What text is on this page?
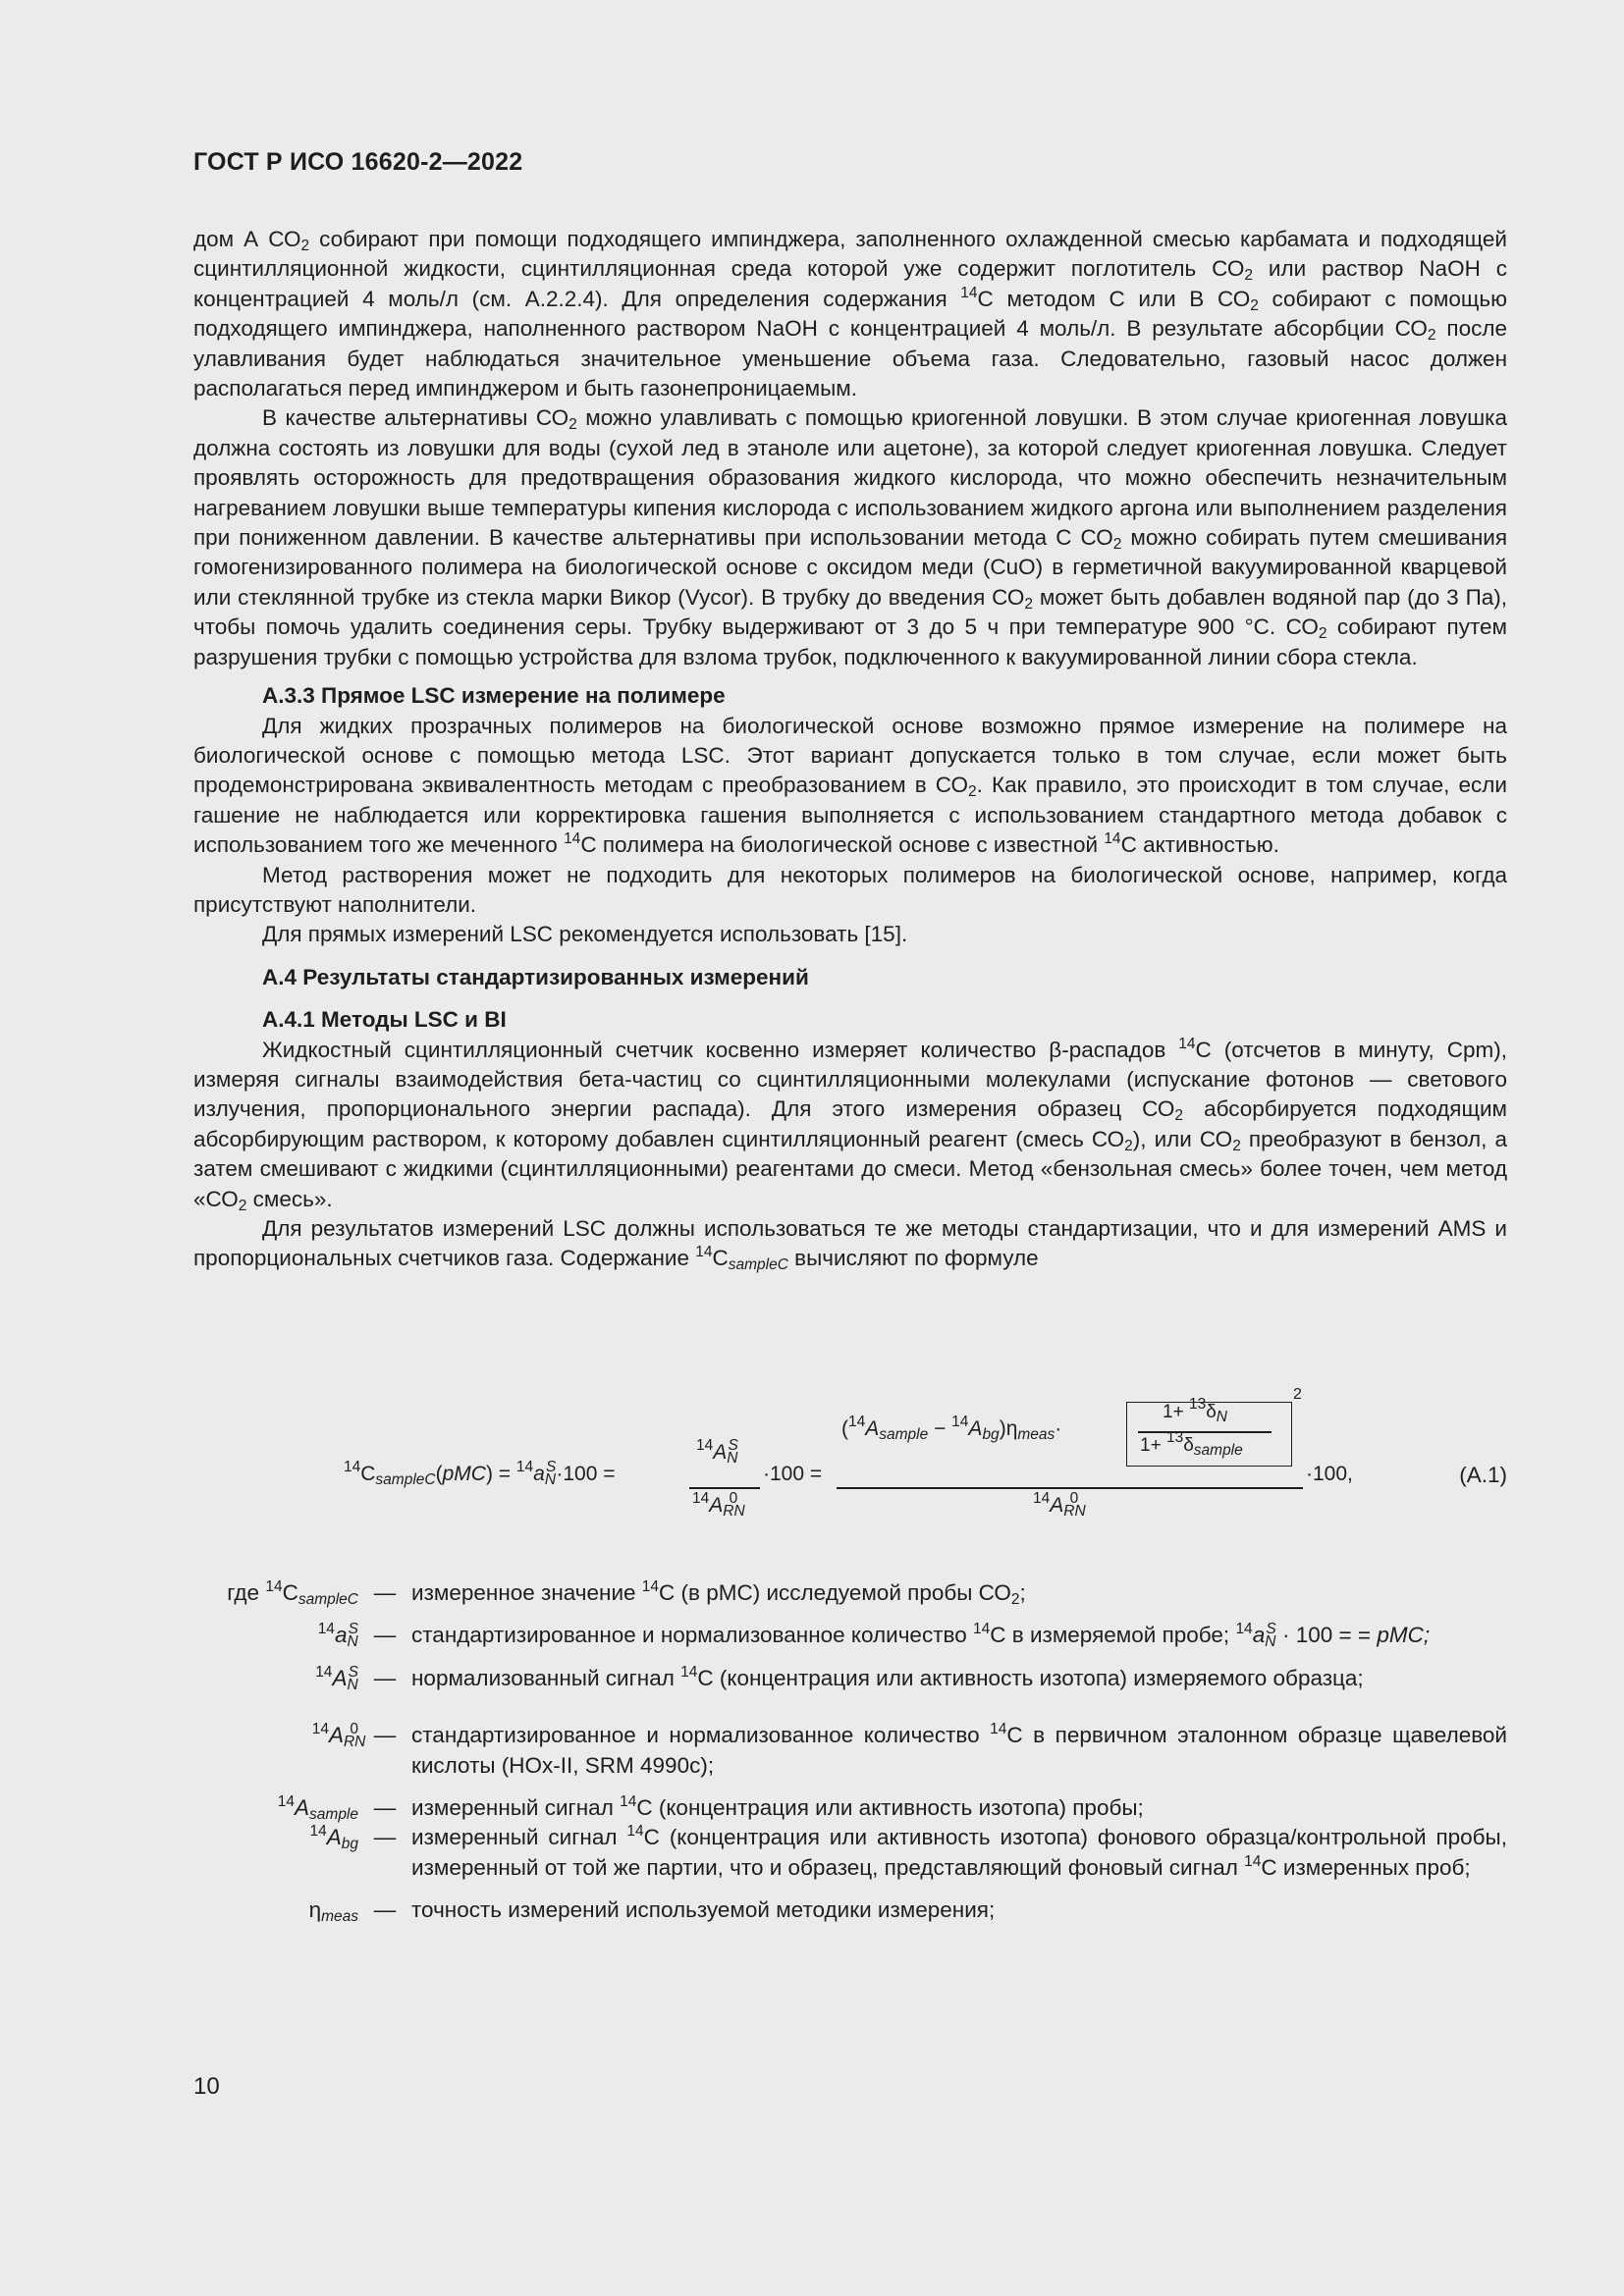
ГОСТ Р ИСО 16620-2—2022

дом А $СО_2$ собирают при помощи подходящего импинджера, заполненного охлажденной смесью карбамата и подходящей сцинтилляционной жидкости, сцинтилляционная среда которой уже содержит поглотитель $СО_2$ или раствор NaOH с концентрацией 4 моль/л (см. А.2.2.4). Для определения содержания $^{14}$С методом С или В $СО_2$ собирают с помощью подходящего импинджера, наполненного раствором NaOH с концентрацией 4 моль/л. В результате абсорбции $СО_2$ после улавливания будет наблюдаться значительное уменьшение объема газа. Следовательно, газовый насос должен располагаться перед импинджером и быть газонепроницаемым.

В качестве альтернативы $СО_2$ можно улавливать с помощью криогенной ловушки. В этом случае криогенная ловушка должна состоять из ловушки для воды (сухой лед в этаноле или ацетоне), за которой следует криогенная ловушка. Следует проявлять осторожность для предотвращения образования жидкого кислорода, что можно обеспечить незначительным нагреванием ловушки выше температуры кипения кислорода с использованием жидкого аргона или выполнением разделения при пониженном давлении. В качестве альтернативы при использовании метода С $СО_2$ можно собирать путем смешивания гомогенизированного полимера на биологической основе с оксидом меди (CuO) в герметичной вакуумированной кварцевой или стеклянной трубке из стекла марки Викор (Vycor). В трубку до введения $СО_2$ может быть добавлен водяной пар (до 3 Па), чтобы помочь удалить соединения серы. Трубку выдерживают от 3 до 5 ч при температуре 900 °C. $СО_2$ собирают путем разрушения трубки с помощью устройства для взлома трубок, подключенного к вакуумированной линии сбора стекла.

А.3.3 Прямое LSC измерение на полимере

Для жидких прозрачных полимеров на биологической основе возможно прямое измерение на полимере на биологической основе с помощью метода LSC. Этот вариант допускается только в том случае, если может быть продемонстрирована эквивалентность методам с преобразованием в $СО_2$. Как правило, это происходит в том случае, если гашение не наблюдается или корректировка гашения выполняется с использованием стандартного метода добавок с использованием того же меченного $^{14}$С полимера на биологической основе с известной $^{14}$С активностью.

Метод растворения может не подходить для некоторых полимеров на биологической основе, например, когда присутствуют наполнители.

Для прямых измерений LSC рекомендуется использовать [15].

А.4 Результаты стандартизированных измерений

А.4.1 Методы LSC и BI

Жидкостный сцинтилляционный счетчик косвенно измеряет количество β-распадов $^{14}$С (отсчетов в минуту, Cpm), измеряя сигналы взаимодействия бета-частиц со сцинтилляционными молекулами (испускание фотонов — светового излучения, пропорционального энергии распада). Для этого измерения образец $СО_2$ абсорбируется подходящим абсорбирующим раствором, к которому добавлен сцинтилляционный реагент (смесь $СО_2$), или $СО_2$ преобразуют в бензол, а затем смешивают с жидкими (сцинтилляционными) реагентами до смеси. Метод «бензольная смесь» более точен, чем метод «$СО_2$ смесь».

Для результатов измерений LSC должны использоваться те же методы стандартизации, что и для измерений AMS и пропорциональных счетчиков газа. Содержание $^{14}С_{sampleC}$ вычисляют по формуле

$^{14}C_{sampleC}(pMC) = ^{14}a_N^S\cdot 100$ =
$^{14}A_N^S$
$^{14}A_{RN}^0$
·100 =
$(^{14}A_{sample} - ^{14}A_{bg})\eta_{meas}\cdot$
2
$1+ ^{13}\delta_N$
$1+ ^{13}\delta_{sample}$
$^{14}A_{RN}^0$
·100,	(А.1)
где $^{14}C_{sampleC}$ — измеренное значение $^{14}$С (в pMC) исследуемой пробы $СО_2$;
$^{14}a_N^S$ — стандартизированное и нормализованное количество $^{14}$С в измеряемой пробе; $^{14}a_N^S \cdot 100$ = = pMC;
$^{14}A_N^S$ — нормализованный сигнал $^{14}$С (концентрация или активность изотопа) измеряемого образца;
$^{14}A_{RN}^0$ — стандартизированное и нормализованное количество $^{14}$С в первичном эталонном образце щавелевой кислоты (HOx-II, SRM 4990c);
$^{14}A_{sample}$ — измеренный сигнал $^{14}$С (концентрация или активность изотопа) пробы;
$^{14}A_{bg}$ — измеренный сигнал $^{14}$С (концентрация или активность изотопа) фонового образца/контрольной пробы, измеренный от той же партии, что и образец, представляющий фоновый сигнал $^{14}$С измеренных проб;
$\eta_{meas}$ — точность измерений используемой методики измерения;
10
